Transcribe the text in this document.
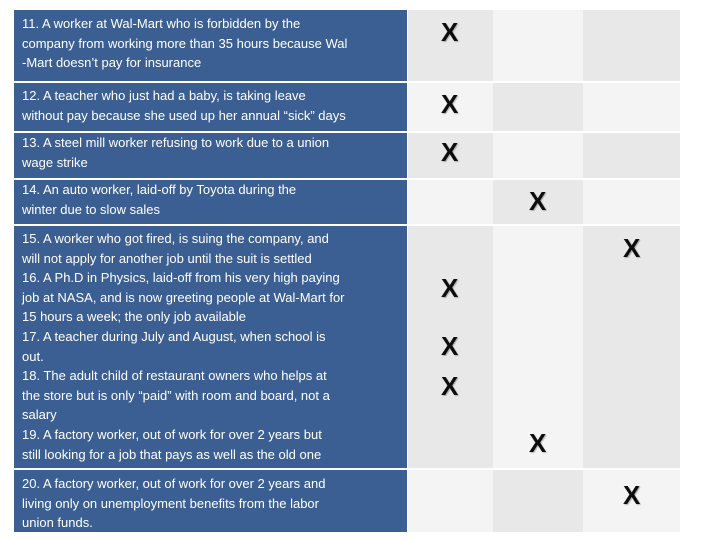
11. A worker at Wal-Mart who is forbidden by the
company from working more than 35 hours because Wal
-Mart doesn’t pay for insurance
12. A teacher who just had a baby, is taking leave
without pay because she used up her annual “sick” days
13. A steel mill worker refusing to work due to a union
wage strike
14. An auto worker, laid-off by Toyota during the
winter due to slow sales
15. A worker who got fired, is suing the company, and
will not apply for another job until the suit is settled
16. A Ph.D in Physics, laid-off from his very high paying
job at NASA, and is now greeting people at Wal-Mart for
15 hours a week; the only job available
17. A teacher during July and August, when school is
out.
18. The adult child of restaurant owners who helps at
the store but is only “paid” with room and board, not a
salary
19. A factory worker, out of work for over 2 years but
still looking for a job that pays as well as the old one
20. A factory worker, out of work for over 2 years and
living only on unemployment benefits from the labor
union funds.
X
X
X
X
X
X
X
X
X
X
